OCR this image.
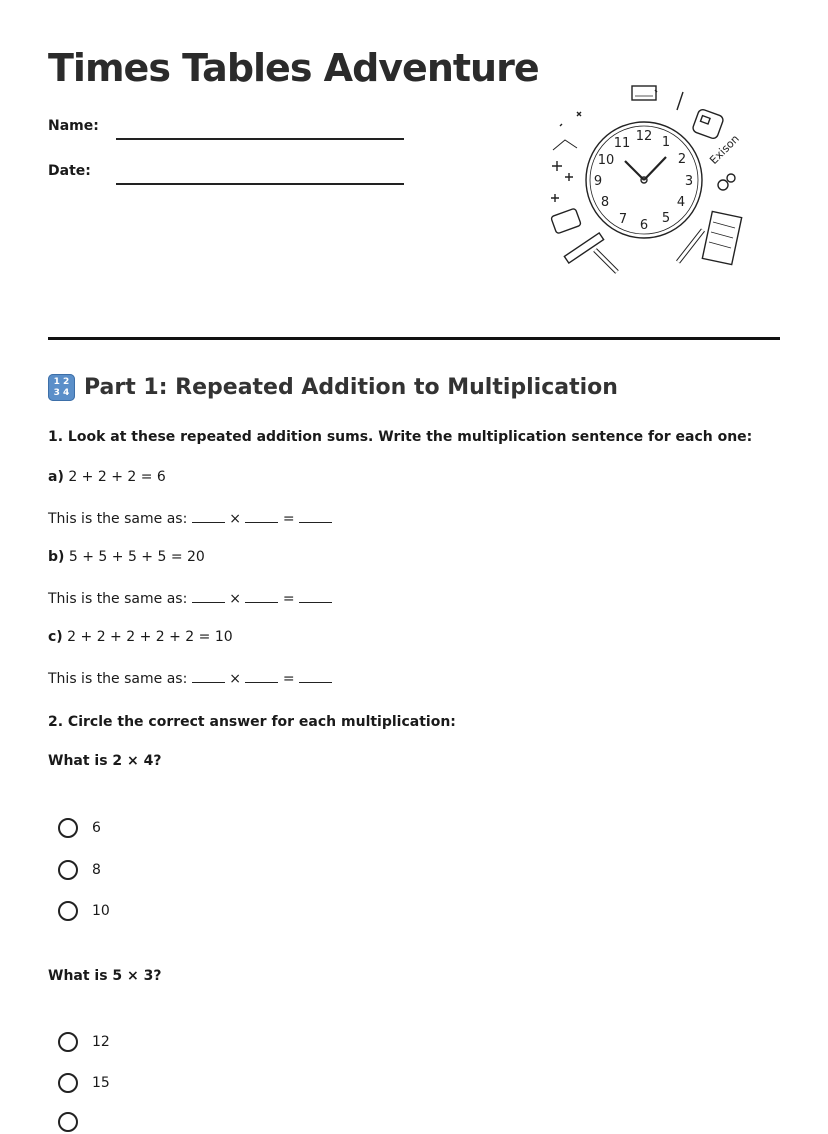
Times Tables Adventure
Name:
Date:
12 1
2
3
4
5
6
7
8
9
10
11	Exison
1 2
3 4 Part 1: Repeated Addition to Multiplication
1. Look at these repeated addition sums. Write the multiplication sentence for each one:
a) 2 + 2 + 2 = 6
This is the same as:	×	=
b) 5 + 5 + 5 + 5 = 20
This is the same as:	×	=
c) 2 + 2 + 2 + 2 + 2 = 10
This is the same as:	×	=
2. Circle the correct answer for each multiplication:
What is 2 × 4?
6
8
10
What is 5 × 3?
12
15
